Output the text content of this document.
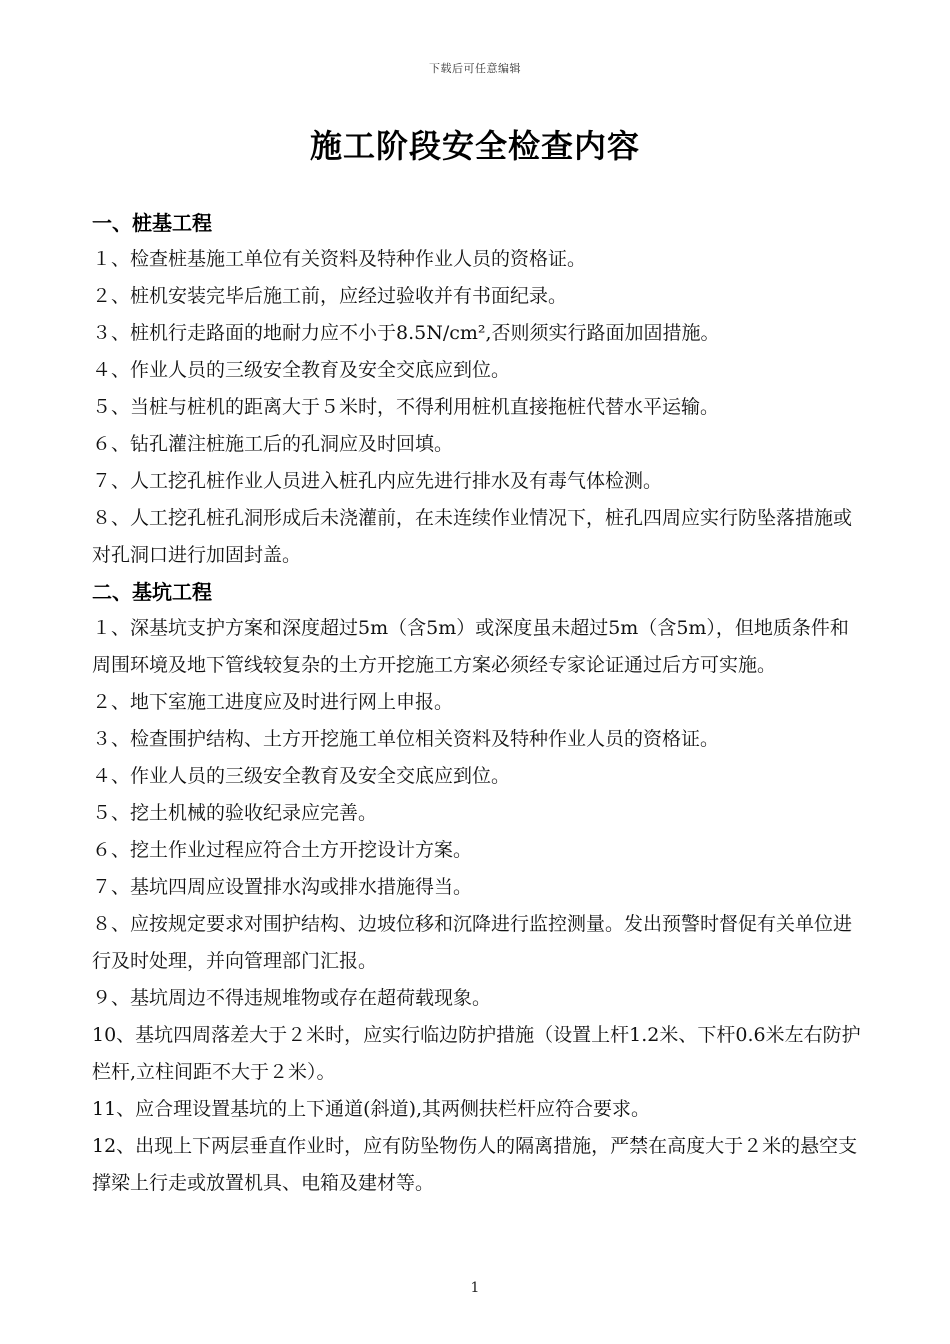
下载后可任意编辑
施工阶段安全检查内容
一、桩基工程
１、检查桩基施工单位有关资料及特种作业人员的资格证。
２、桩机安装完毕后施工前，应经过验收并有书面纪录。
３、桩机行走路面的地耐力应不小于8.5N/cm²,否则须实行路面加固措施。
４、作业人员的三级安全教育及安全交底应到位。
５、当桩与桩机的距离大于５米时，不得利用桩机直接拖桩代替水平运输。
６、钻孔灌注桩施工后的孔洞应及时回填。
７、人工挖孔桩作业人员进入桩孔内应先进行排水及有毒气体检测。
８、人工挖孔桩孔洞形成后未浇灌前，在未连续作业情况下，桩孔四周应实行防坠落措施或对孔洞口进行加固封盖。
二、基坑工程
１、深基坑支护方案和深度超过5m（含5m）或深度虽未超过5m（含5m），但地质条件和周围环境及地下管线较复杂的土方开挖施工方案必须经专家论证通过后方可实施。
２、地下室施工进度应及时进行网上申报。
３、检查围护结构、土方开挖施工单位相关资料及特种作业人员的资格证。
４、作业人员的三级安全教育及安全交底应到位。
５、挖土机械的验收纪录应完善。
６、挖土作业过程应符合土方开挖设计方案。
７、基坑四周应设置排水沟或排水措施得当。
８、应按规定要求对围护结构、边坡位移和沉降进行监控测量。发出预警时督促有关单位进行及时处理，并向管理部门汇报。
９、基坑周边不得违规堆物或存在超荷载现象。
10、基坑四周落差大于２米时，应实行临边防护措施（设置上杆1.2米、下杆0.6米左右防护栏杆,立柱间距不大于２米）。
11、应合理设置基坑的上下通道(斜道),其两侧扶栏杆应符合要求。
12、出现上下两层垂直作业时，应有防坠物伤人的隔离措施，严禁在高度大于２米的悬空支撑梁上行走或放置机具、电箱及建材等。
1
